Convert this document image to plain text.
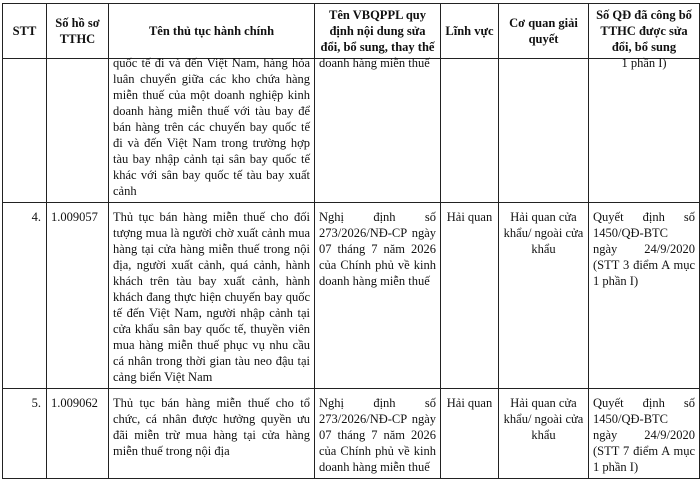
STT	Số hồ sơ TTHC	Tên thủ tục hành chính	Tên VBQPPL quy định nội dung sửa đổi, bổ sung, thay thế	Lĩnh vực	Cơ quan giải quyết	Số QĐ đã công bố TTHC được sửa đổi, bổ sung

		quốc tế đi và đến Việt Nam, hàng hóa luân chuyển giữa các kho chứa hàng miễn thuế của một doanh nghiệp kinh doanh hàng miễn thuế với tàu bay để bán hàng trên các chuyến bay quốc tế đi và đến Việt Nam trong trường hợp tàu bay nhập cảnh tại sân bay quốc tế khác với sân bay quốc tế tàu bay xuất cảnh	doanh hàng miễn thuế			1 phần I)

4.	1.009057	Thủ tục bán hàng miễn thuế cho đối tượng mua là người chờ xuất cảnh mua hàng tại cửa hàng miễn thuế trong nội địa, người xuất cảnh, quá cảnh, hành khách trên tàu bay xuất cảnh, hành khách đang thực hiện chuyến bay quốc tế đến Việt Nam, người nhập cảnh tại cửa khẩu sân bay quốc tế, thuyền viên mua hàng miễn thuế phục vụ nhu cầu cá nhân trong thời gian tàu neo đậu tại cảng biển Việt Nam	Nghị định số 273/2026/NĐ-CP ngày 07 tháng 7 năm 2026 của Chính phủ về kinh doanh hàng miễn thuế	Hải quan	Hải quan cửa khẩu/ ngoài cửa khẩu	Quyết định số 1450/QĐ-BTC ngày 24/9/2020 (STT 3 điểm A mục 1 phần I)
5.	1.009062	Thủ tục bán hàng miễn thuế cho tổ chức, cá nhân được hưởng quyền ưu đãi miễn trừ mua hàng tại cửa hàng miễn thuế trong nội địa	Nghị định số 273/2026/NĐ-CP ngày 07 tháng 7 năm 2026 của Chính phủ về kinh doanh hàng miễn thuế	Hải quan	Hải quan cửa khẩu/ ngoài cửa khẩu	Quyết định số 1450/QĐ-BTC ngày 24/9/2020 (STT 7 điểm A mục 1 phần I)
